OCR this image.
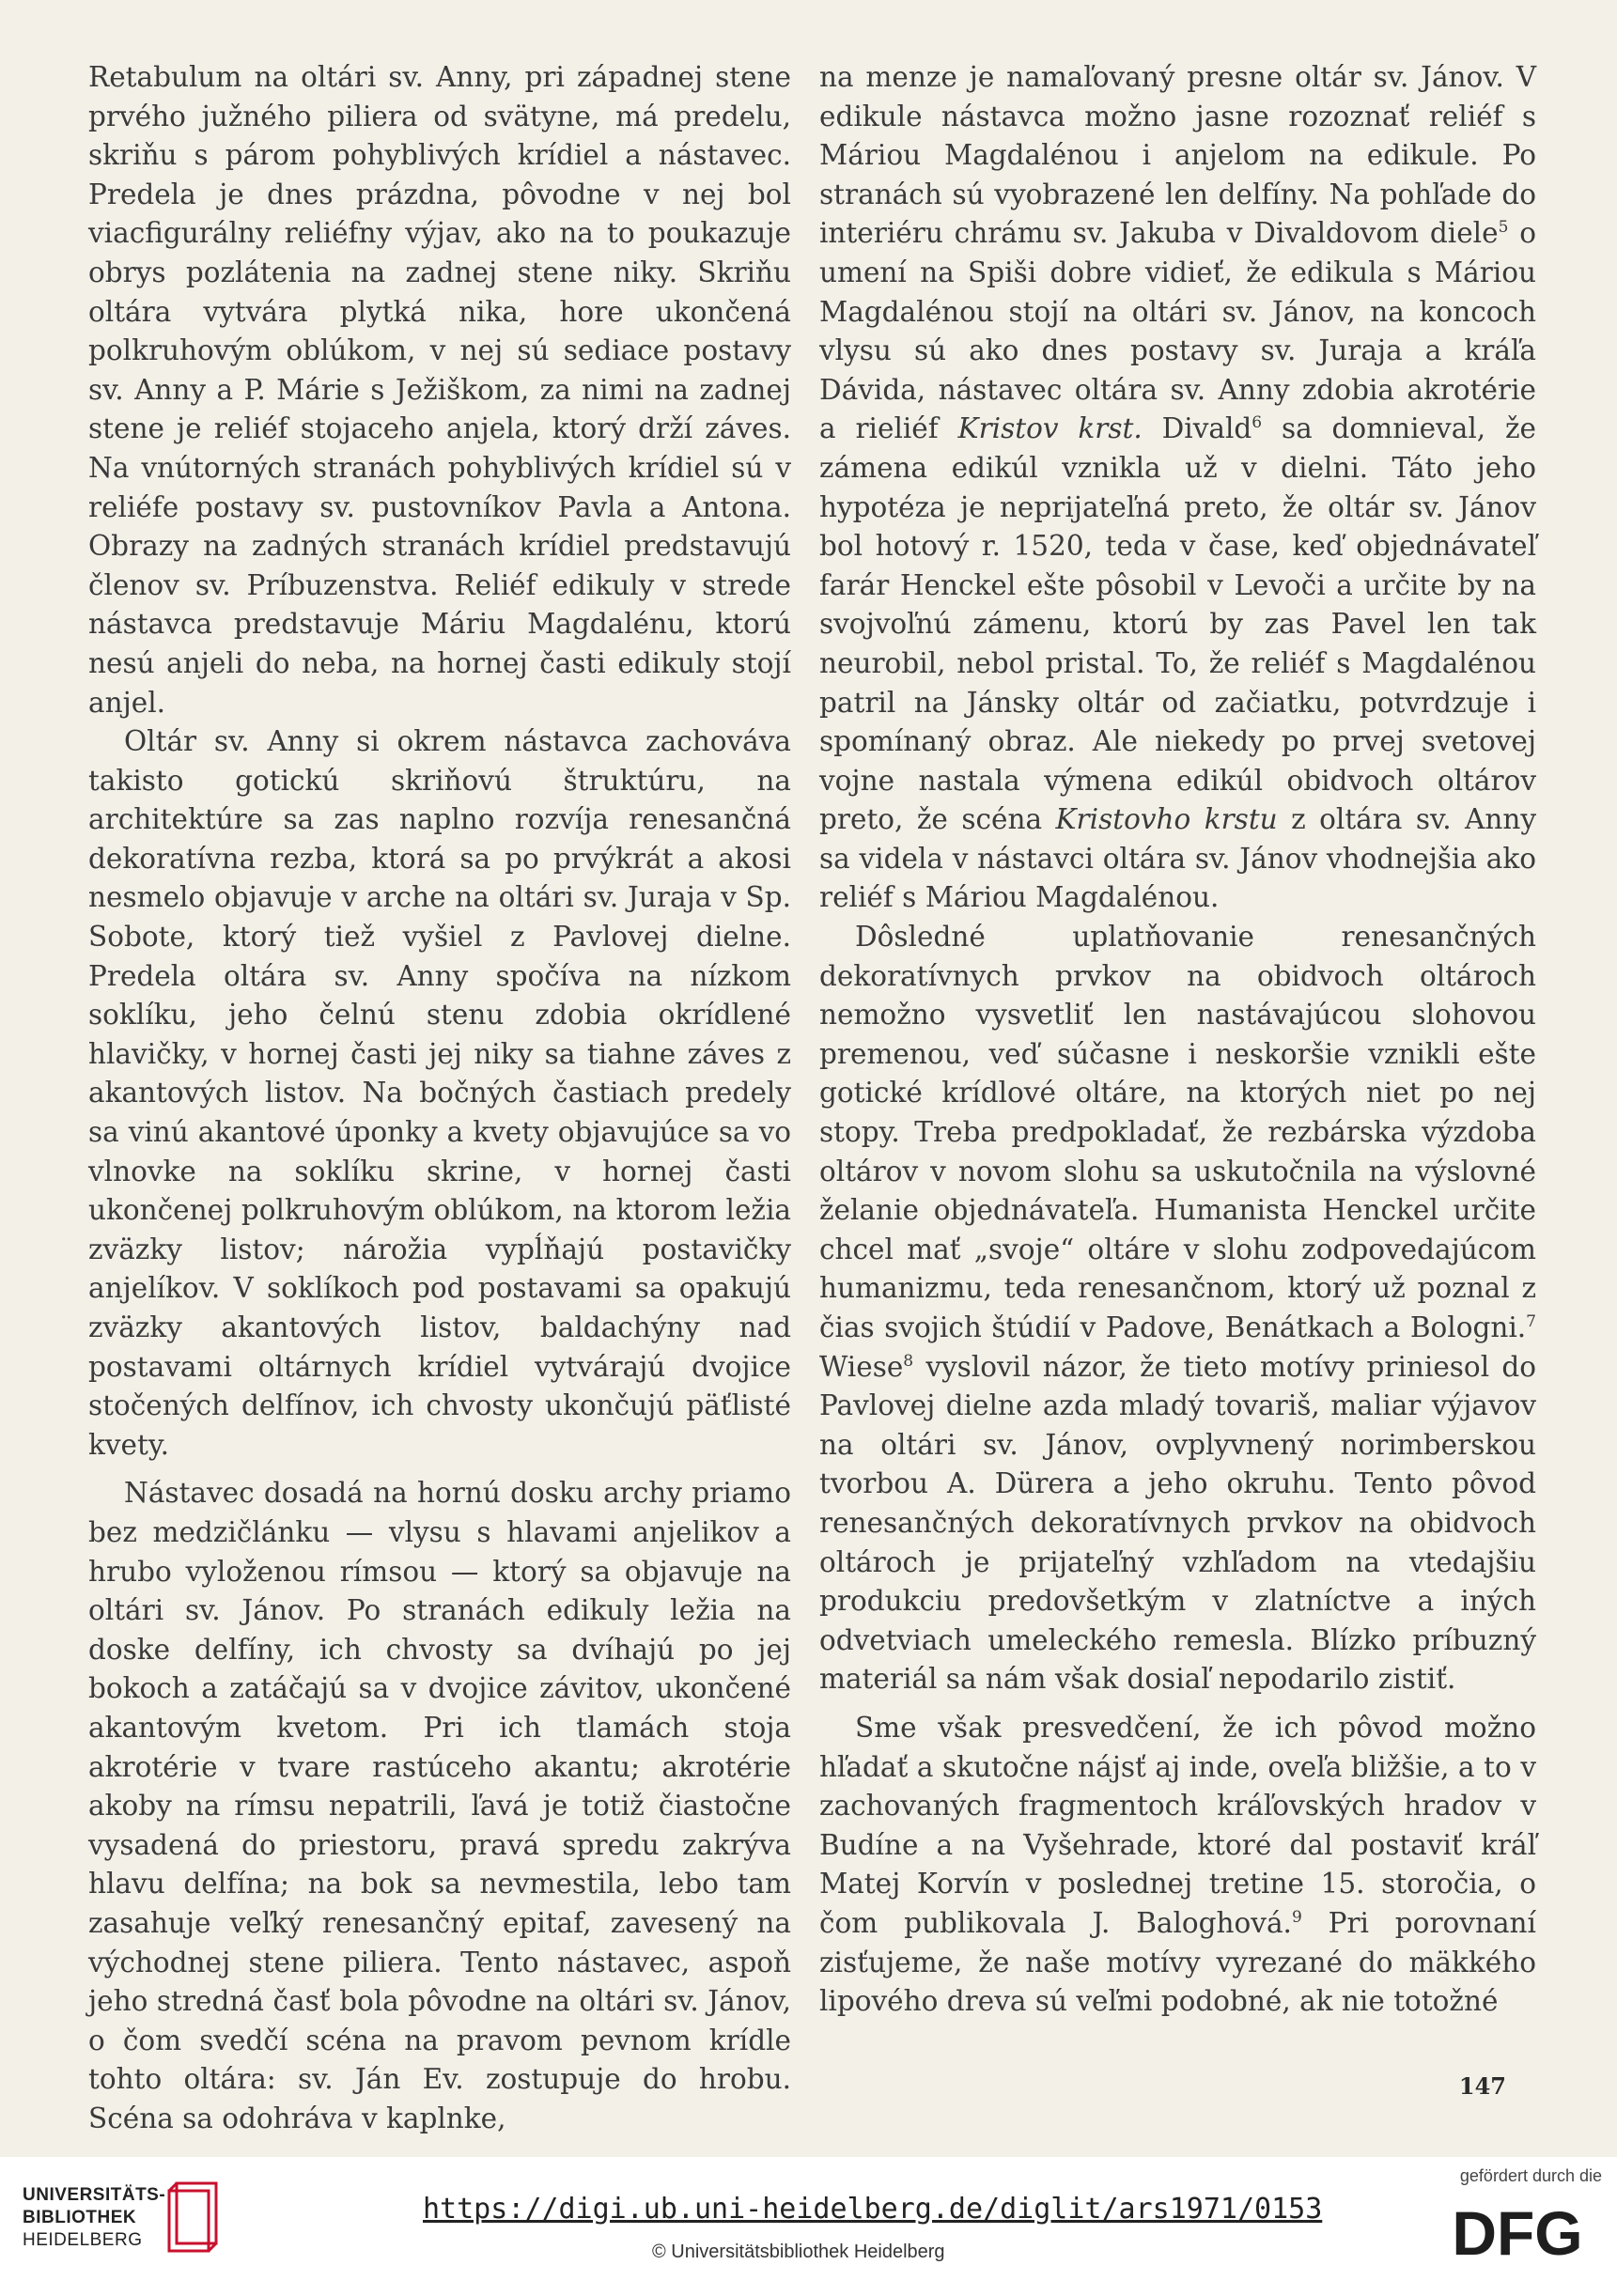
Retabulum na oltári sv. Anny, pri západnej stene prvého južného piliera od svätyne, má predelu, skriňu s párom pohyblivých krídiel a nástavec. Predela je dnes prázdna, pôvodne v nej bol viacfigurálny reliéfny výjav, ako na to poukazuje obrys pozlátenia na zadnej stene niky. Skriňu oltára vytvára plytká nika, hore ukončená polkruhovým oblúkom, v nej sú sediace postavy sv. Anny a P. Márie s Ježiškom, za nimi na zadnej stene je reliéf stojaceho anjela, ktorý drží záves. Na vnútorných stranách pohyblivých krídiel sú v reliéfe postavy sv. pustovníkov Pavla a Antona. Obrazy na zadných stranách krídiel predstavujú členov sv. Príbuzenstva. Reliéf edikuly v strede nástavca predstavuje Máriu Magdalénu, ktorú nesú anjeli do neba, na hornej časti edikuly stojí anjel.

Oltár sv. Anny si okrem nástavca zachováva takisto gotickú skriňovú štruktúru, na architektúre sa zas naplno rozvíja renesančná dekoratívna rezba, ktorá sa po prvýkrát a akosi nesmelo objavuje v arche na oltári sv. Juraja v Sp. Sobote, ktorý tiež vyšiel z Pavlovej dielne. Predela oltára sv. Anny spočíva na nízkom soklíku, jeho čelnú stenu zdobia okrídlené hlavičky, v hornej časti jej niky sa tiahne záves z akantových listov. Na bočných častiach predely sa vinú akantové úponky a kvety objavujúce sa vo vlnovke na soklíku skrine, v hornej časti ukončenej polkruhovým oblúkom, na ktorom ležia zväzky listov; nárožia vypĺňajú postavičky anjelíkov. V soklíkoch pod postavami sa opakujú zväzky akantových listov, baldachýny nad postavami oltárnych krídiel vytvárajú dvojice stočených delfínov, ich chvosty ukončujú päťlisté kvety.

Nástavec dosadá na hornú dosku archy priamo bez medzičlánku — vlysu s hlavami anjelikov a hrubo vyloženou rímsou — ktorý sa objavuje na oltári sv. Jánov. Po stranách edikuly ležia na doske delfíny, ich chvosty sa dvíhajú po jej bokoch a zatáčajú sa v dvojice závitov, ukončené akantovým kvetom. Pri ich tlamách stoja akrotérie v tvare rastúceho akantu; akrotérie akoby na rímsu nepatrili, ľavá je totiž čiastočne vysadená do priestoru, pravá spredu zakrýva hlavu delfína; na bok sa nevmestila, lebo tam zasahuje veľký renesančný epitaf, zavesený na východnej stene piliera. Tento nástavec, aspoň jeho stredná časť bola pôvodne na oltári sv. Jánov, o čom svedčí scéna na pravom pevnom krídle tohto oltára: sv. Ján Ev. zostupuje do hrobu. Scéna sa odohráva v kaplnke,

na menze je namaľovaný presne oltár sv. Jánov. V edikule nástavca možno jasne rozoznať reliéf s Máriou Magdalénou i anjelom na edikule. Po stranách sú vyobrazené len delfíny. Na pohľade do interiéru chrámu sv. Jakuba v Divaldovom diele$^5$ o umení na Spiši dobre vidieť, že edikula s Máriou Magdalénou stojí na oltári sv. Jánov, na koncoch vlysu sú ako dnes postavy sv. Juraja a kráľa Dávida, nástavec oltára sv. Anny zdobia akrotérie a rieliéf Kristov krst. Divald$^6$ sa domnieval, že zámena edikúl vznikla už v dielni. Táto jeho hypotéza je neprijateľná preto, že oltár sv. Jánov bol hotový r. 1520, teda v čase, keď objednávateľ farár Henckel ešte pôsobil v Levoči a určite by na svojvoľnú zámenu, ktorú by zas Pavel len tak neurobil, nebol pristal. To, že reliéf s Magdalénou patril na Jánsky oltár od začiatku, potvrdzuje i spomínaný obraz. Ale niekedy po prvej svetovej vojne nastala výmena edikúl obidvoch oltárov preto, že scéna Kristovho krstu z oltára sv. Anny sa videla v nástavci oltára sv. Jánov vhodnejšia ako reliéf s Máriou Magdalénou.

Dôsledné uplatňovanie renesančných dekoratívnych prvkov na obidvoch oltároch nemožno vysvetliť len nastávajúcou slohovou premenou, veď súčasne i neskoršie vznikli ešte gotické krídlové oltáre, na ktorých niet po nej stopy. Treba predpokladať, že rezbárska výzdoba oltárov v novom slohu sa uskutočnila na výslovné želanie objednávateľa. Humanista Henckel určite chcel mať „svoje“ oltáre v slohu zodpovedajúcom humanizmu, teda renesančnom, ktorý už poznal z čias svojich štúdií v Padove, Benátkach a Bologni.$^7$ Wiese$^8$ vyslovil názor, že tieto motívy priniesol do Pavlovej dielne azda mladý tovariš, maliar výjavov na oltári sv. Jánov, ovplyvnený norimberskou tvorbou A. Dürera a jeho okruhu. Tento pôvod renesančných dekoratívnych prvkov na obidvoch oltároch je prijateľný vzhľadom na vtedajšiu produkciu predovšetkým v zlatníctve a iných odvetviach umeleckého remesla. Blízko príbuzný materiál sa nám však dosiaľ nepodarilo zistiť.

Sme však presvedčení, že ich pôvod možno hľadať a skutočne nájsť aj inde, oveľa bližšie, a to v zachovaných fragmentoch kráľovských hradov v Budíne a na Vyšehrade, ktoré dal postaviť kráľ Matej Korvín v poslednej tretine 15. storočia, o čom publikovala J. Baloghová.$^9$ Pri porovnaní zisťujeme, že naše motívy vyrezané do mäkkého lipového dreva sú veľmi podobné, ak nie totožné

147
UNIVERSITÄTS-
BIBLIOTHEK
HEIDELBERG
https://digi.ub.uni-heidelberg.de/diglit/ars1971/0153
© Universitätsbibliothek Heidelberg
gefördert durch die
DFG
